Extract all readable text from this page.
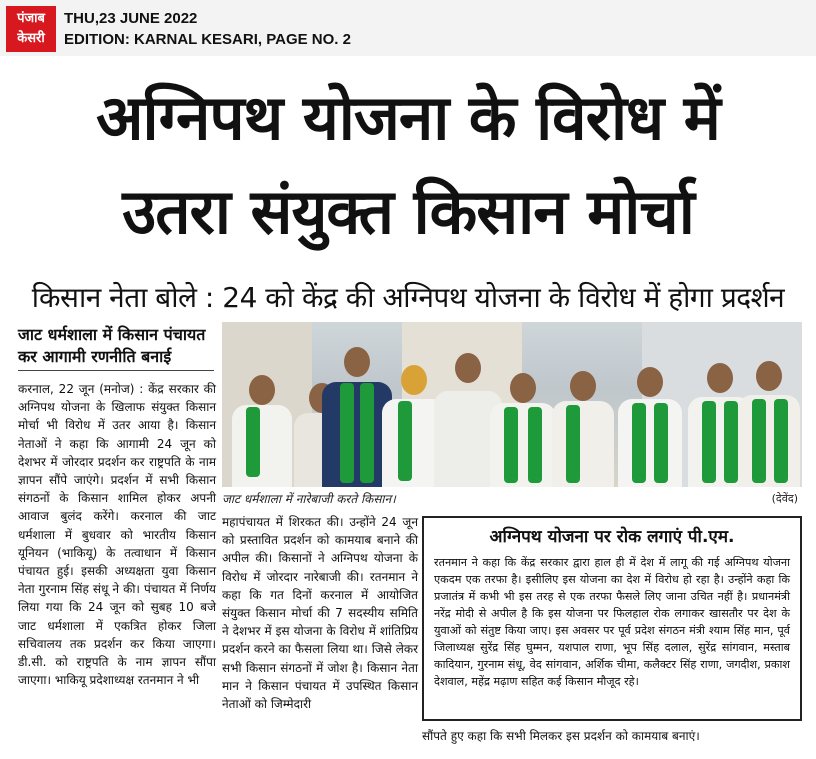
पंजाब
केसरी
THU,23 JUNE 2022
EDITION: KARNAL KESARI, PAGE NO. 2
अग्निपथ योजना के विरोध में
उतरा संयुक्त किसान मोर्चा
किसान नेता बोले : 24 को केंद्र की अग्निपथ योजना के विरोध में होगा प्रदर्शन
जाट धर्मशाला में किसान पंचायत कर आगामी रणनीति बनाई
करनाल, 22 जून (मनोज) : केंद्र सरकार की अग्निपथ योजना के खिलाफ संयुक्त किसान मोर्चा भी विरोध में उतर आया है। किसान नेताओं ने कहा कि आगामी 24 जून को देशभर में जोरदार प्रदर्शन कर राष्ट्रपति के नाम ज्ञापन सौंपे जाएंगे। प्रदर्शन में सभी किसान संगठनों के किसान शामिल होकर अपनी आवाज बुलंद करेंगे। करनाल की जाट धर्मशाला में बुधवार को भारतीय किसान यूनियन (भाकियू) के तत्वाधान में किसान पंचायत हुई। इसकी अध्यक्षता युवा किसान नेता गुरनाम सिंह संधू ने की। पंचायत में निर्णय लिया गया कि 24 जून को सुबह 10 बजे जाट धर्मशाला में एकत्रित होकर जिला सचिवालय तक प्रदर्शन कर किया जाएगा। डी.सी. को राष्ट्रपति के नाम ज्ञापन सौंपा जाएगा। भाकियू प्रदेशाध्यक्ष रतनमान ने भी
जाट धर्मशाला में नारेबाजी करते किसान।	(देवेंद)
महापंचायत में शिरकत की। उन्होंने 24 जून को प्रस्तावित प्रदर्शन को कामयाब बनाने की अपील की। किसानों ने अग्निपथ योजना के विरोध में जोरदार नारेबाजी की। रतनमान ने कहा कि गत दिनों करनाल में आयोजित संयुक्त किसान मोर्चा की 7 सदस्यीय समिति ने देशभर में इस योजना के विरोध में शांतिप्रिय प्रदर्शन करने का फैसला लिया था। जिसे लेकर सभी किसान संगठनों में जोश है। किसान नेता मान ने किसान पंचायत में उपस्थित किसान नेताओं को जिम्मेदारी
अग्निपथ योजना पर रोक लगाएं पी.एम.
रतनमान ने कहा कि केंद्र सरकार द्वारा हाल ही में देश में लागू की गई अग्निपथ योजना एकदम एक तरफा है। इसीलिए इस योजना का देश में विरोध हो रहा है। उन्होंने कहा कि प्रजातंत्र में कभी भी इस तरह से एक तरफा फैसले लिए जाना उचित नहीं है। प्रधानमंत्री नरेंद्र मोदी से अपील है कि इस योजना पर फिलहाल रोक लगाकर खासतौर पर देश के युवाओं को संतुष्ट किया जाए। इस अवसर पर पूर्व प्रदेश संगठन मंत्री श्याम सिंह मान, पूर्व जिलाध्यक्ष सुरेंद्र सिंह घुम्मन, यशपाल राणा, भूप सिंह दलाल, सुरेंद्र सांगवान, मस्ताब कादियान, गुरनाम संधू, वेद सांगवान, अर्शिक चीमा, कलैक्टर सिंह राणा, जगदीश, प्रकाश देशवाल, महेंद्र मढ़ाण सहित कई किसान मौजूद रहे।
सौंपते हुए कहा कि सभी मिलकर इस प्रदर्शन को कामयाब बनाएं।
